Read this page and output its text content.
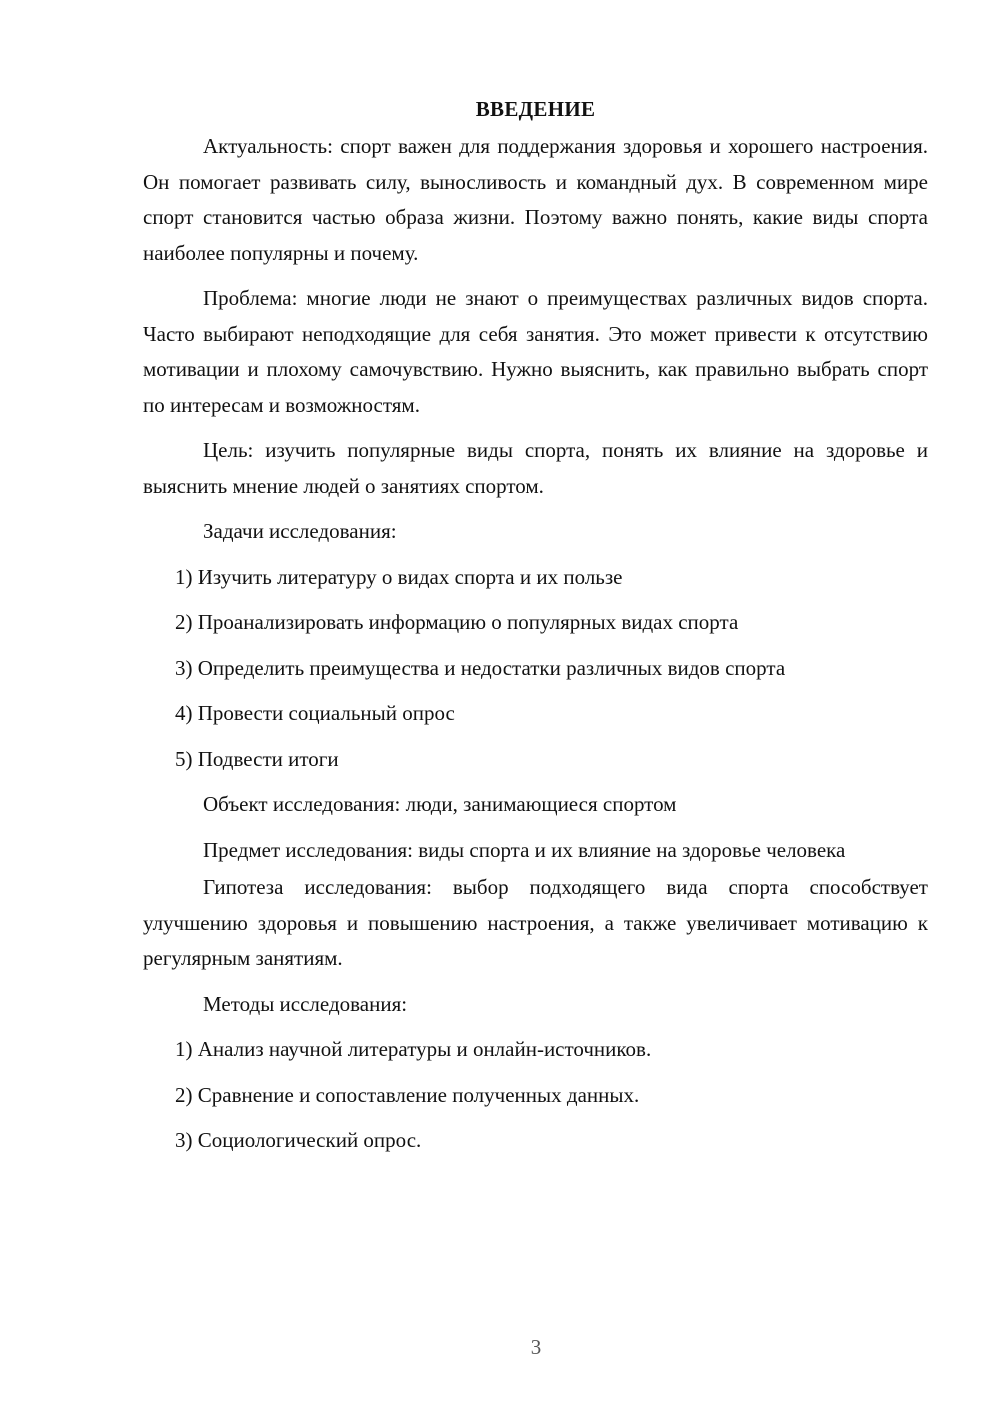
ВВЕДЕНИЕ

Актуальность: спорт важен для поддержания здоровья и хорошего настроения. Он помогает развивать силу, выносливость и командный дух. В современном мире спорт становится частью образа жизни. Поэтому важно понять, какие виды спорта наиболее популярны и почему.

Проблема: многие люди не знают о преимуществах различных видов спорта. Часто выбирают неподходящие для себя занятия. Это может привести к отсутствию мотивации и плохому самочувствию. Нужно выяснить, как правильно выбрать спорт по интересам и возможностям.

Цель: изучить популярные виды спорта, понять их влияние на здоровье и выяснить мнение людей о занятиях спортом.

Задачи исследования:

1) Изучить литературу о видах спорта и их пользе
2) Проанализировать информацию о популярных видах спорта
3) Определить преимущества и недостатки различных видов спорта
4) Провести социальный опрос
5) Подвести итоги

Объект исследования: люди, занимающиеся спортом

Предмет исследования: виды спорта и их влияние на здоровье человека

Гипотеза исследования: выбор подходящего вида спорта способствует улучшению здоровья и повышению настроения, а также увеличивает мотивацию к регулярным занятиям.

Методы исследования:

1) Анализ научной литературы и онлайн-источников.
2) Сравнение и сопоставление полученных данных.
3) Социологический опрос.
3
